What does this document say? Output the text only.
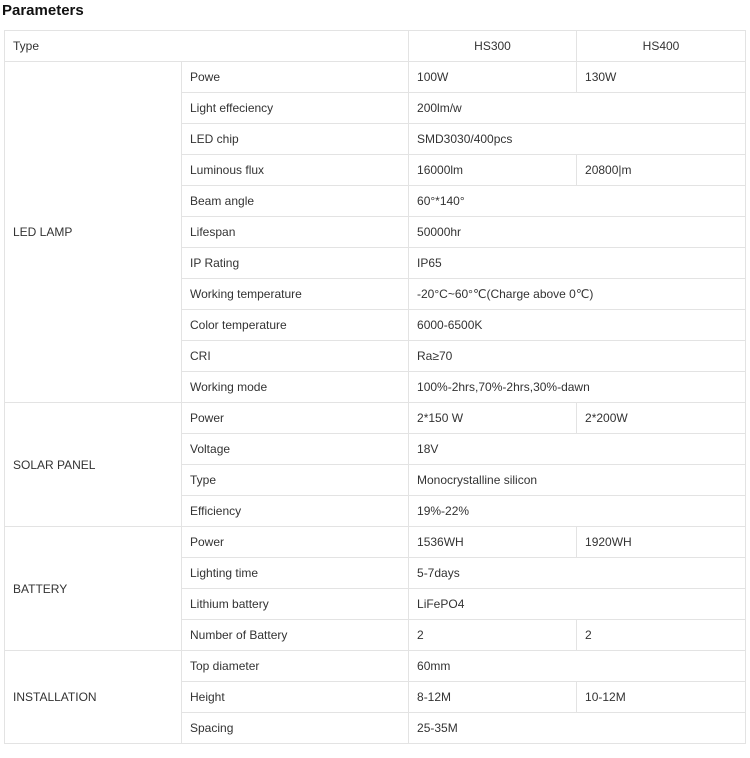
Parameters
Type		HS300	HS400
LED LAMP	Powe	100W	130W
	Light effeciency	200lm/w	
	LED chip	SMD3030/400pcs	
	Luminous flux	16000lm	20800|m
	Beam angle	60°*140°	
	Lifespan	50000hr	
	IP Rating	IP65	
	Working temperature	-20°C~60°℃(Charge above 0℃)	
	Color temperature	6000-6500K	
	CRI	Ra≥70	
	Working mode	100%-2hrs,70%-2hrs,30%-dawn	
SOLAR PANEL	Power	2*150 W	2*200W
	Voltage	18V	
	Type	Monocrystalline silicon	
	Efficiency	19%-22%	
BATTERY	Power	1536WH	1920WH
	Lighting time	5-7days	
	Lithium battery	LiFePO4	
	Number of Battery	2	2
INSTALLATION	Top diameter	60mm	
	Height	8-12M	10-12M
	Spacing	25-35M	
